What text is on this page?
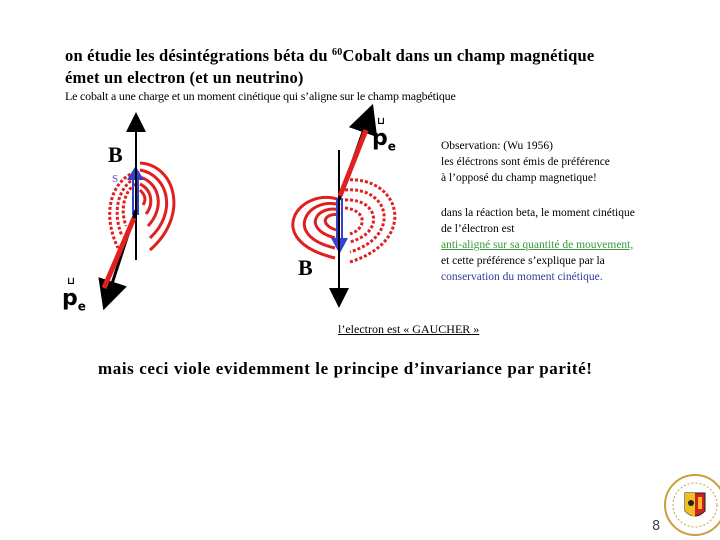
on étudie les désintégrations béta du $^{60}$Cobalt dans un champ magnétique
émet un electron (et un neutrino)
Le cobalt a une charge et un moment cinétique qui s’aligne sur le champ magbétique
B
B
S
⊔
$p_e$
⊔
$p_e$
Observation: (Wu 1956)
les éléctrons sont émis de préférence
à l’opposé du champ magnetique!
dans la réaction beta, le moment cinétique
de l’électron est
anti-aligné sur sa quantité de mouvement,
et cette préférence s’explique par la
conservation du moment cinétique.
l’electron est « GAUCHER »
mais ceci viole evidemment le principe d’invariance par parité!
8
